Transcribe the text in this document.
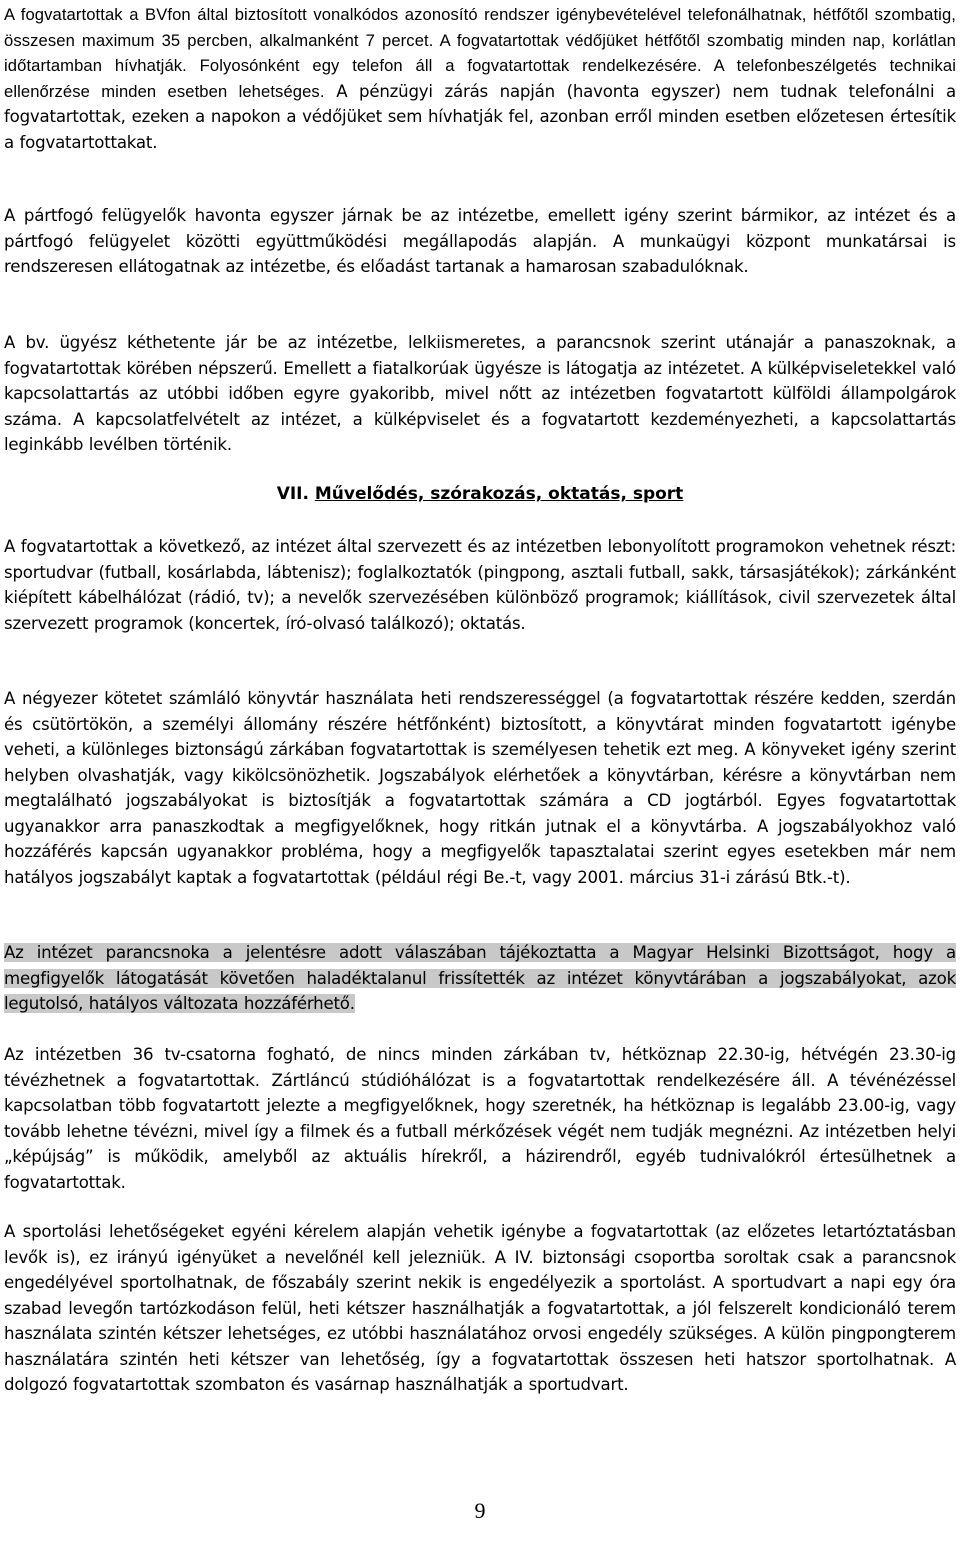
A fogvatartottak a BVfon által biztosított vonalkódos azonosító rendszer igénybevételével telefonálhatnak, hétfőtől szombatig, összesen maximum 35 percben, alkalmanként 7 percet. A fogvatartottak védőjüket hétfőtől szombatig minden nap, korlátlan időtartamban hívhatják. Folyosónként egy telefon áll a fogvatartottak rendelkezésére. A telefonbeszélgetés technikai ellenőrzése minden esetben lehetséges. A pénzügyi zárás napján (havonta egyszer) nem tudnak telefonálni a fogvatartottak, ezeken a napokon a védőjüket sem hívhatják fel, azonban erről minden esetben előzetesen értesítik a fogvatartottakat.

A pártfogó felügyelők havonta egyszer járnak be az intézetbe, emellett igény szerint bármikor, az intézet és a pártfogó felügyelet közötti együttműködési megállapodás alapján. A munkaügyi központ munkatársai is rendszeresen ellátogatnak az intézetbe, és előadást tartanak a hamarosan szabadulóknak.

A bv. ügyész kéthetente jár be az intézetbe, lelkiismeretes, a parancsnok szerint utánajár a panaszoknak, a fogvatartottak körében népszerű. Emellett a fiatalkorúak ügyésze is látogatja az intézetet. A külképviseletekkel való kapcsolattartás az utóbbi időben egyre gyakoribb, mivel nőtt az intézetben fogvatartott külföldi állampolgárok száma. A kapcsolatfelvételt az intézet, a külképviselet és a fogvatartott kezdeményezheti, a kapcsolattartás leginkább levélben történik.

VII. Művelődés, szórakozás, oktatás, sport

A fogvatartottak a következő, az intézet által szervezett és az intézetben lebonyolított programokon vehetnek részt: sportudvar (futball, kosárlabda, lábtenisz); foglalkoztatók (pingpong, asztali futball, sakk, társasjátékok); zárkánként kiépített kábelhálózat (rádió, tv); a nevelők szervezésében különböző programok; kiállítások, civil szervezetek által szervezett programok (koncertek, író-olvasó találkozó); oktatás.

A négyezer kötetet számláló könyvtár használata heti rendszerességgel (a fogvatartottak részére kedden, szerdán és csütörtökön, a személyi állomány részére hétfőnként) biztosított, a könyvtárat minden fogvatartott igénybe veheti, a különleges biztonságú zárkában fogvatartottak is személyesen tehetik ezt meg. A könyveket igény szerint helyben olvashatják, vagy kikölcsönözhetik. Jogszabályok elérhetőek a könyvtárban, kérésre a könyvtárban nem megtalálható jogszabályokat is biztosítják a fogvatartottak számára a CD jogtárból. Egyes fogvatartottak ugyanakkor arra panaszkodtak a megfigyelőknek, hogy ritkán jutnak el a könyvtárba. A jogszabályokhoz való hozzáférés kapcsán ugyanakkor probléma, hogy a megfigyelők tapasztalatai szerint egyes esetekben már nem hatályos jogszabályt kaptak a fogvatartottak (például régi Be.-t, vagy 2001. március 31-i zárású Btk.-t).

Az intézet parancsnoka a jelentésre adott válaszában tájékoztatta a Magyar Helsinki Bizottságot, hogy a megfigyelők látogatását követően haladéktalanul frissítették az intézet könyvtárában a jogszabályokat, azok legutolsó, hatályos változata hozzáférhető.

Az intézetben 36 tv-csatorna fogható, de nincs minden zárkában tv, hétköznap 22.30-ig, hétvégén 23.30-ig tévézhetnek a fogvatartottak. Zártláncú stúdióhálózat is a fogvatartottak rendelkezésére áll. A tévénézéssel kapcsolatban több fogvatartott jelezte a megfigyelőknek, hogy szeretnék, ha hétköznap is legalább 23.00-ig, vagy tovább lehetne tévézni, mivel így a filmek és a futball mérkőzések végét nem tudják megnézni. Az intézetben helyi „képújság” is működik, amelyből az aktuális hírekről, a házirendről, egyéb tudnivalókról értesülhetnek a fogvatartottak.

A sportolási lehetőségeket egyéni kérelem alapján vehetik igénybe a fogvatartottak (az előzetes letartóztatásban levők is), ez irányú igényüket a nevelőnél kell jelezniük. A IV. biztonsági csoportba soroltak csak a parancsnok engedélyével sportolhatnak, de főszabály szerint nekik is engedélyezik a sportolást. A sportudvart a napi egy óra szabad levegőn tartózkodáson felül, heti kétszer használhatják a fogvatartottak, a jól felszerelt kondicionáló terem használata szintén kétszer lehetséges, ez utóbbi használatához orvosi engedély szükséges. A külön pingpongterem használatára szintén heti kétszer van lehetőség, így a fogvatartottak összesen heti hatszor sportolhatnak. A dolgozó fogvatartottak szombaton és vasárnap használhatják a sportudvart.

9
